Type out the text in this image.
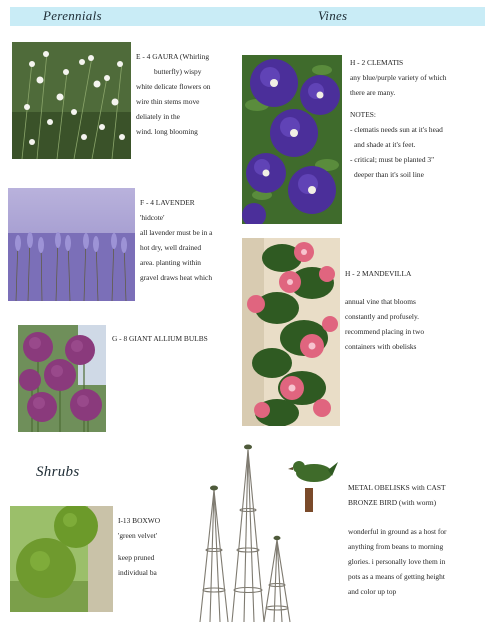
Perennials	Vines
E - 4 GAURA (Whirling
butterfly) wispy
white delicate flowers on
wire thin stems move
deliately in the
wind. long blooming
F - 4 LAVENDER
'hidcote'
all lavender must be in a
hot dry, well drained
area. planting within
gravel draws heat which
G - 8 GIANT ALLIUM BULBS
Shrubs
I-13 BOXWO
'green velvet'
keep pruned
individual ba
H - 2 CLEMATIS
any blue/purple variety of which
there are many.
NOTES:
- clematis needs sun at it's head
and shade at it's feet.
- critical; must be planted 3"
deeper than it's soil line
H - 2 MANDEVILLA
annual vine that blooms
constantly and profusely.
recommend placing in two
containers with obelisks
METAL OBELISKS with CAST
BRONZE BIRD (with worm)
wonderful in ground as a host for
anything from beans to morning
glories. i personally love them in
pots as a means of getting height
and color up top
